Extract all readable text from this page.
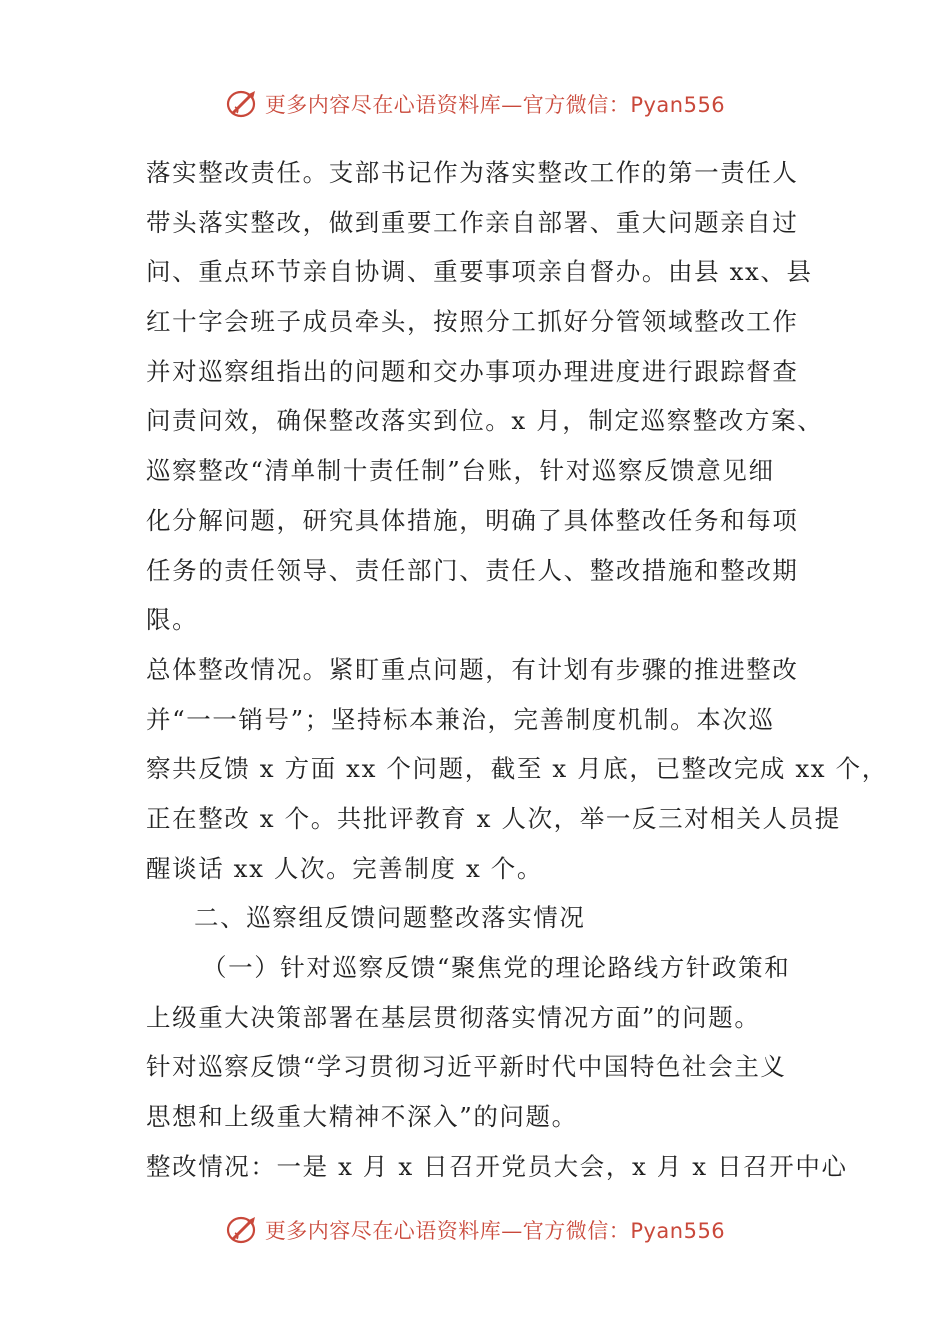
更多内容尽在心语资料库—官方微信：Pyan556
落实整改责任。支部书记作为落实整改工作的第一责任人
带头落实整改，做到重要工作亲自部署、重大问题亲自过
问、重点环节亲自协调、重要事项亲自督办。由县 xx、县
红十字会班子成员牵头，按照分工抓好分管领域整改工作
并对巡察组指出的问题和交办事项办理进度进行跟踪督查
问责问效，确保整改落实到位。x 月，制定巡察整改方案、
巡察整改“清单制十责任制”台账，针对巡察反馈意见细
化分解问题，研究具体措施，明确了具体整改任务和每项
任务的责任领导、责任部门、责任人、整改措施和整改期
限。
总体整改情况。紧盯重点问题，有计划有步骤的推进整改
并“一一销号”；坚持标本兼治，完善制度机制。本次巡
察共反馈 x 方面 xx 个问题，截至 x 月底，已整改完成 xx 个，
正在整改 x 个。共批评教育 x 人次，举一反三对相关人员提
醒谈话 xx 人次。完善制度 x 个。
二、巡察组反馈问题整改落实情况
（一）针对巡察反馈“聚焦党的理论路线方针政策和
上级重大决策部署在基层贯彻落实情况方面”的问题。
针对巡察反馈“学习贯彻习近平新时代中国特色社会主义
思想和上级重大精神不深入”的问题。
整改情况：一是 x 月 x 日召开党员大会，x 月 x 日召开中心
更多内容尽在心语资料库—官方微信：Pyan556
